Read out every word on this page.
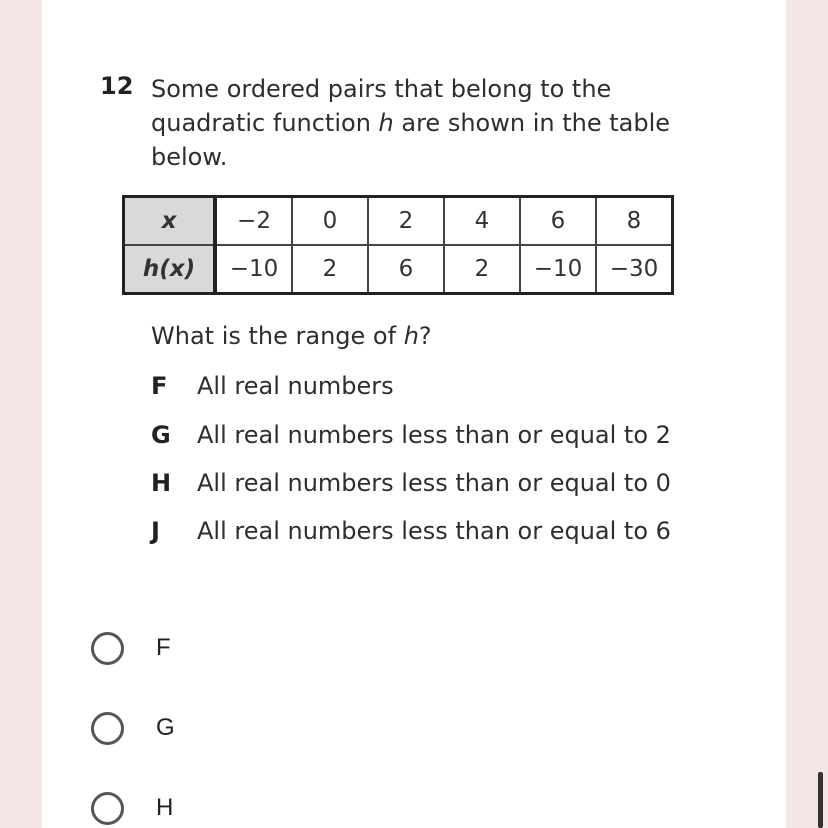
12 Some ordered pairs that belong to the quadratic function h are shown in the table below.
x	−2	0	2	4	6	8
h(x)	−10	2	6	2	−10	−30
What is the range of h?
F All real numbers
G All real numbers less than or equal to 2
H All real numbers less than or equal to 0
J All real numbers less than or equal to 6
F
G
H
